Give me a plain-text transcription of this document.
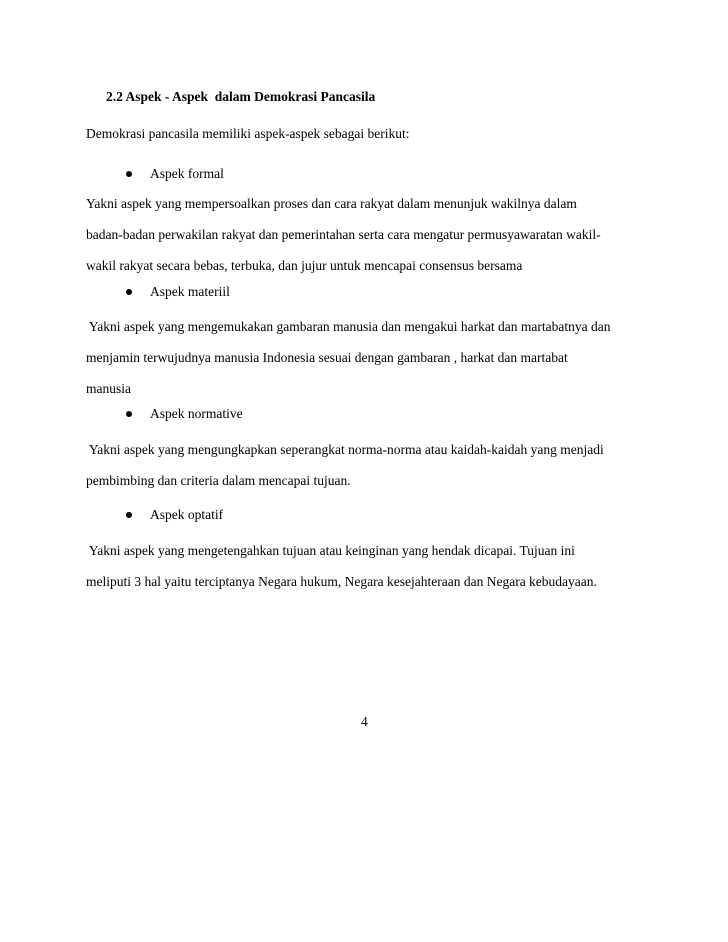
2.2 Aspek - Aspek  dalam Demokrasi Pancasila
Demokrasi pancasila memiliki aspek-aspek sebagai berikut:

Aspek formal

Yakni aspek yang mempersoalkan proses dan cara rakyat dalam menunjuk wakilnya dalam
badan-badan perwakilan rakyat dan pemerintahan serta cara mengatur permusyawaratan wakil-
wakil rakyat secara bebas, terbuka, dan jujur untuk mencapai consensus bersama

Aspek materiil

Yakni aspek yang mengemukakan gambaran manusia dan mengakui harkat dan martabatnya dan
menjamin terwujudnya manusia Indonesia sesuai dengan gambaran , harkat dan martabat
manusia

Aspek normative

Yakni aspek yang mengungkapkan seperangkat norma-norma atau kaidah-kaidah yang menjadi
pembimbing dan criteria dalam mencapai tujuan.

Aspek optatif

Yakni aspek yang mengetengahkan tujuan atau keinginan yang hendak dicapai. Tujuan ini
meliputi 3 hal yaitu terciptanya Negara hukum, Negara kesejahteraan dan Negara kebudayaan.
4
